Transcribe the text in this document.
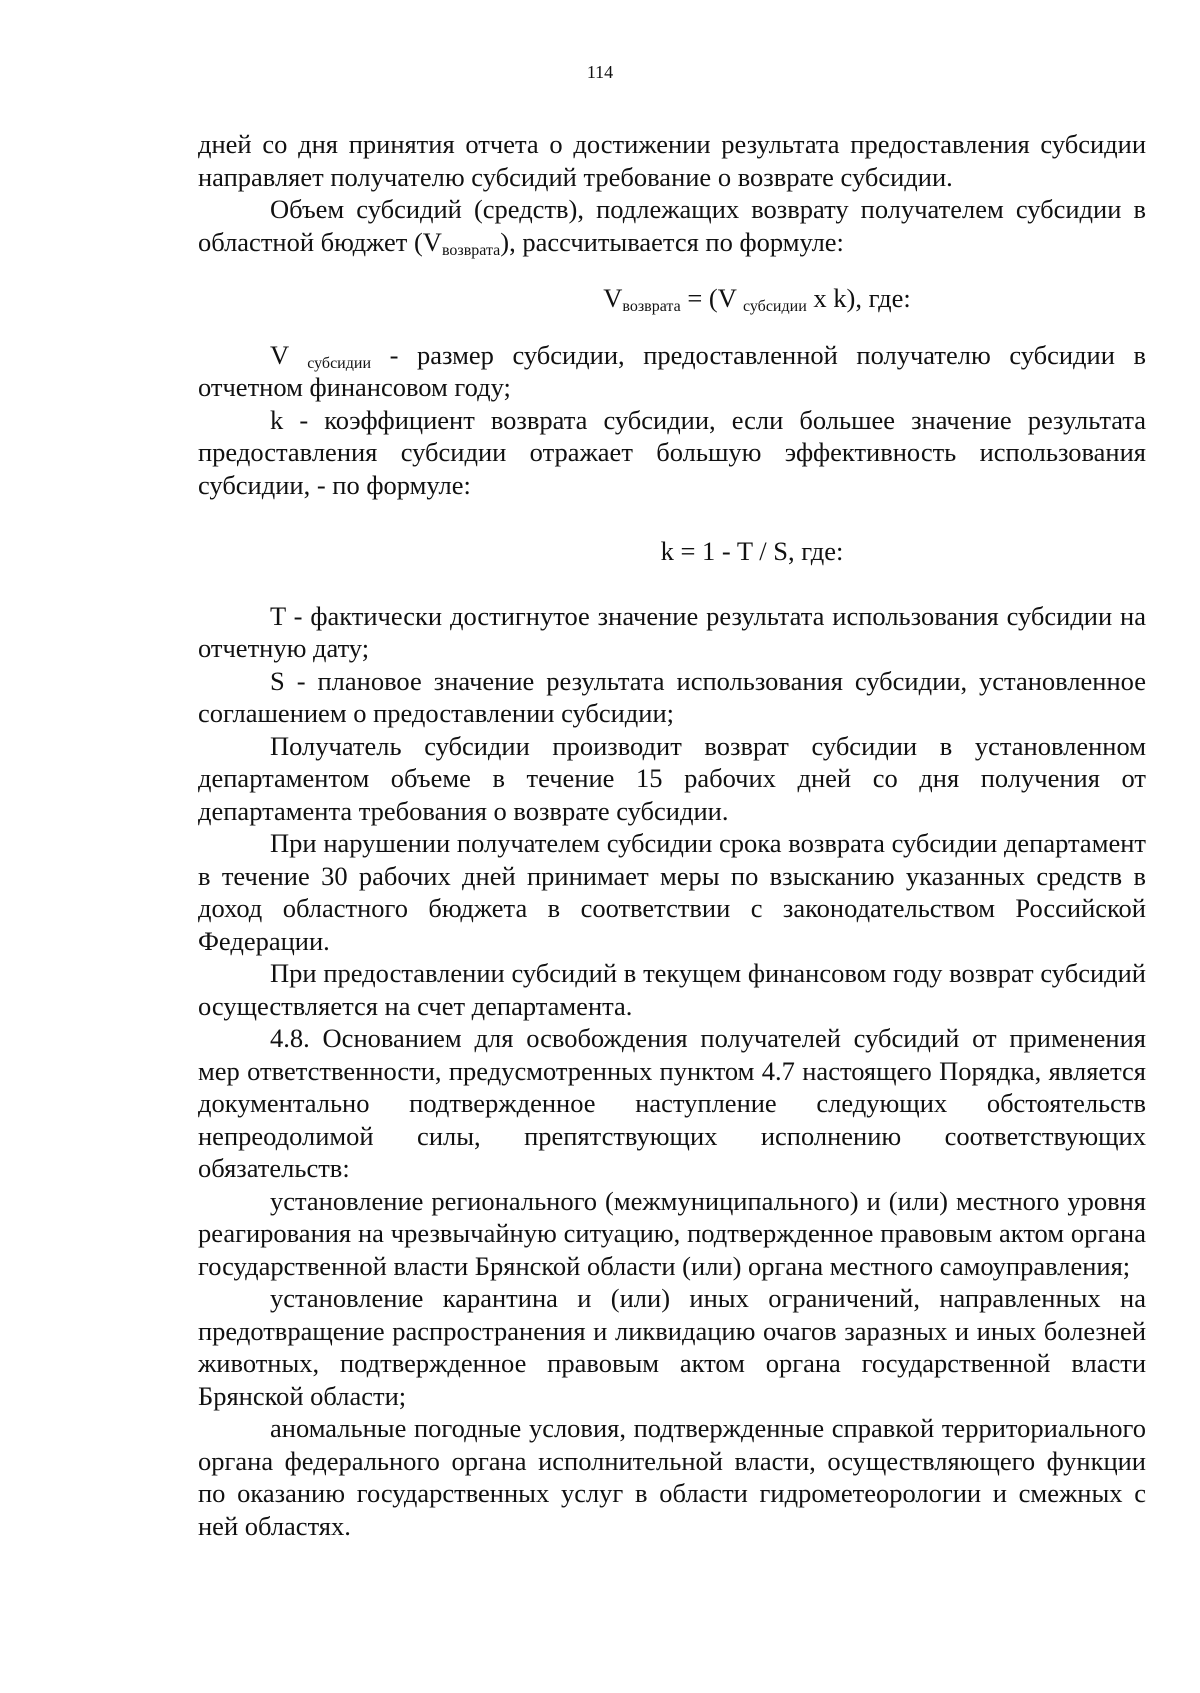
114

дней со дня принятия отчета о достижении результата предоставления субсидии направляет получателю субсидий требование о возврате субсидии.

Объем субсидий (средств), подлежащих возврату получателем субсидии в областной бюджет $(V_{возврата})$, рассчитывается по формуле:

$V_{возврата} = (V$ $_{субсидии}$ x k), где:

V $_{субсидии}$ - размер субсидии, предоставленной получателю субсидии в отчетном финансовом году;

k - коэффициент возврата субсидии, если большее значение результата предоставления субсидии отражает большую эффективность использования субсидии, - по формуле:

k = 1 - T / S, где:

T - фактически достигнутое значение результата использования субсидии на отчетную дату;

S - плановое значение результата использования субсидии, установленное соглашением о предоставлении субсидии;

Получатель субсидии производит возврат субсидии в установленном департаментом объеме в течение 15 рабочих дней со дня получения от департамента требования о возврате субсидии.

При нарушении получателем субсидии срока возврата субсидии департамент в течение 30 рабочих дней принимает меры по взысканию указанных средств в доход областного бюджета в соответствии с законодательством Российской Федерации.

При предоставлении субсидий в текущем финансовом году возврат субсидий осуществляется на счет департамента.

4.8. Основанием для освобождения получателей субсидий от применения мер ответственности, предусмотренных пунктом 4.7 настоящего Порядка, является документально подтвержденное наступление следующих обстоятельств непреодолимой силы, препятствующих исполнению соответствующих обязательств:

установление регионального (межмуниципального) и (или) местного уровня реагирования на чрезвычайную ситуацию, подтвержденное правовым актом органа государственной власти Брянской области (или) органа местного самоуправления;

установление карантина и (или) иных ограничений, направленных на предотвращение распространения и ликвидацию очагов заразных и иных болезней животных, подтвержденное правовым актом органа государственной власти Брянской области;

аномальные погодные условия, подтвержденные справкой территориального органа федерального органа исполнительной власти, осуществляющего функции по оказанию государственных услуг в области гидрометеорологии и смежных с ней областях.
